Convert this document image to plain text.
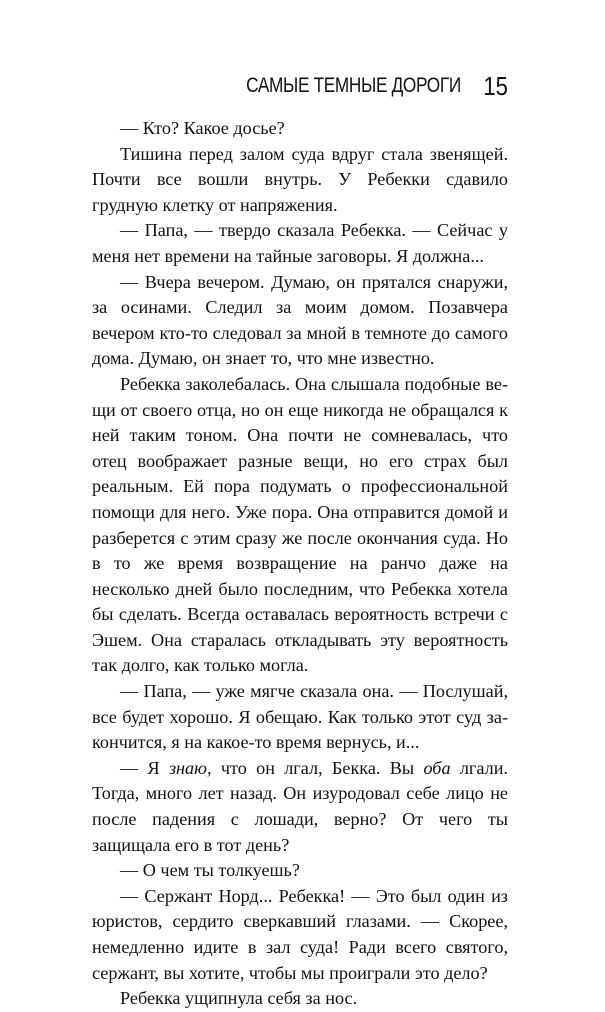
САМЫЕ ТЕМНЫЕ ДОРОГИ 15

— Кто? Какое досье?

Тишина перед залом суда вдруг стала звенящей. Почти все вошли внутрь. У Ребекки сдавило грудную клетку от напряжения.

— Папа, — твердо сказала Ребекка. — Сейчас у меня нет времени на тайные заговоры. Я должна...

— Вчера вечером. Думаю, он прятался снаружи, за осинами. Следил за моим домом. Позавчера вечером кто-то следовал за мной в темноте до самого дома. Думаю, он знает то, что мне известно.

Ребекка заколебалась. Она слышала подобные вещи от своего отца, но он еще никогда не обращался к ней таким тоном. Она почти не сомневалась, что отец воображает разные вещи, но его страх был реальным. Ей пора подумать о профессиональной помощи для него. Уже пора. Она отправится домой и разберется с этим сразу же после окончания суда. Но в то же время возвращение на ранчо даже на несколько дней было последним, что Ребекка хотела бы сделать. Всегда оставалась вероятность встречи с Эшем. Она старалась откладывать эту вероятность так долго, как только могла.

— Папа, — уже мягче сказала она. — Послушай, все будет хорошо. Я обещаю. Как только этот суд закончится, я на какое-то время вернусь, и...

— Я знаю, что он лгал, Бекка. Вы оба лгали. Тогда, много лет назад. Он изуродовал себе лицо не после падения с лошади, верно? От чего ты защищала его в тот день?

— О чем ты толкуешь?

— Сержант Норд... Ребекка! — Это был один из юристов, сердито сверкавший глазами. — Скорее, немедленно идите в зал суда! Ради всего святого, сержант, вы хотите, чтобы мы проиграли это дело?

Ребекка ущипнула себя за нос.
